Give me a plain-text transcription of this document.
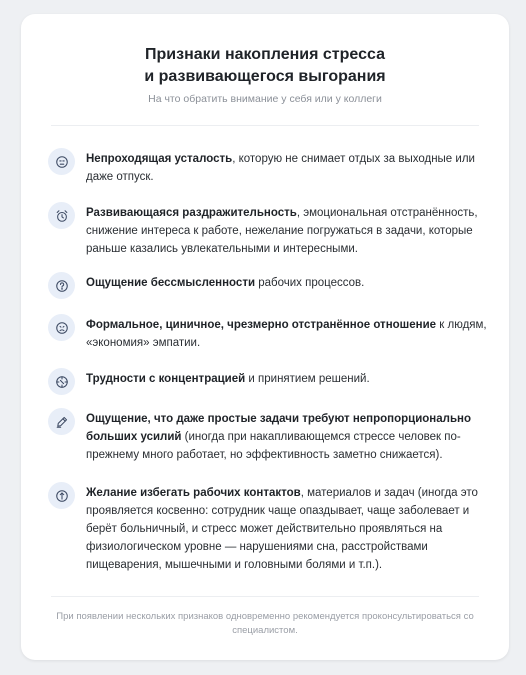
Признаки накопления стресса
и развивающегося выгорания
На что обратить внимание у себя или у коллеги
Непроходящая усталость, которую не снимает отдых за выходные или даже отпуск.
Развивающаяся раздражительность, эмоциональная отстранённость, снижение интереса к работе, нежелание погружаться в задачи, которые раньше казались увлекательными и интересными.
Ощущение бессмысленности рабочих процессов.
Формальное, циничное, чрезмерно отстранённое отношение к людям, «экономия» эмпатии.
Трудности с концентрацией и принятием решений.
Ощущение, что даже простые задачи требуют непропорционально больших усилий (иногда при накапливающемся стрессе человек по-прежнему много работает, но эффективность заметно снижается).
Желание избегать рабочих контактов, материалов и задач (иногда это проявляется косвенно: сотрудник чаще опаздывает, чаще заболевает и берёт больничный, и стресс может действительно проявляться на физиологическом уровне — нарушениями сна, расстройствами пищеварения, мышечными и головными болями и т.п.).
При появлении нескольких признаков одновременно рекомендуется проконсультироваться со специалистом.
